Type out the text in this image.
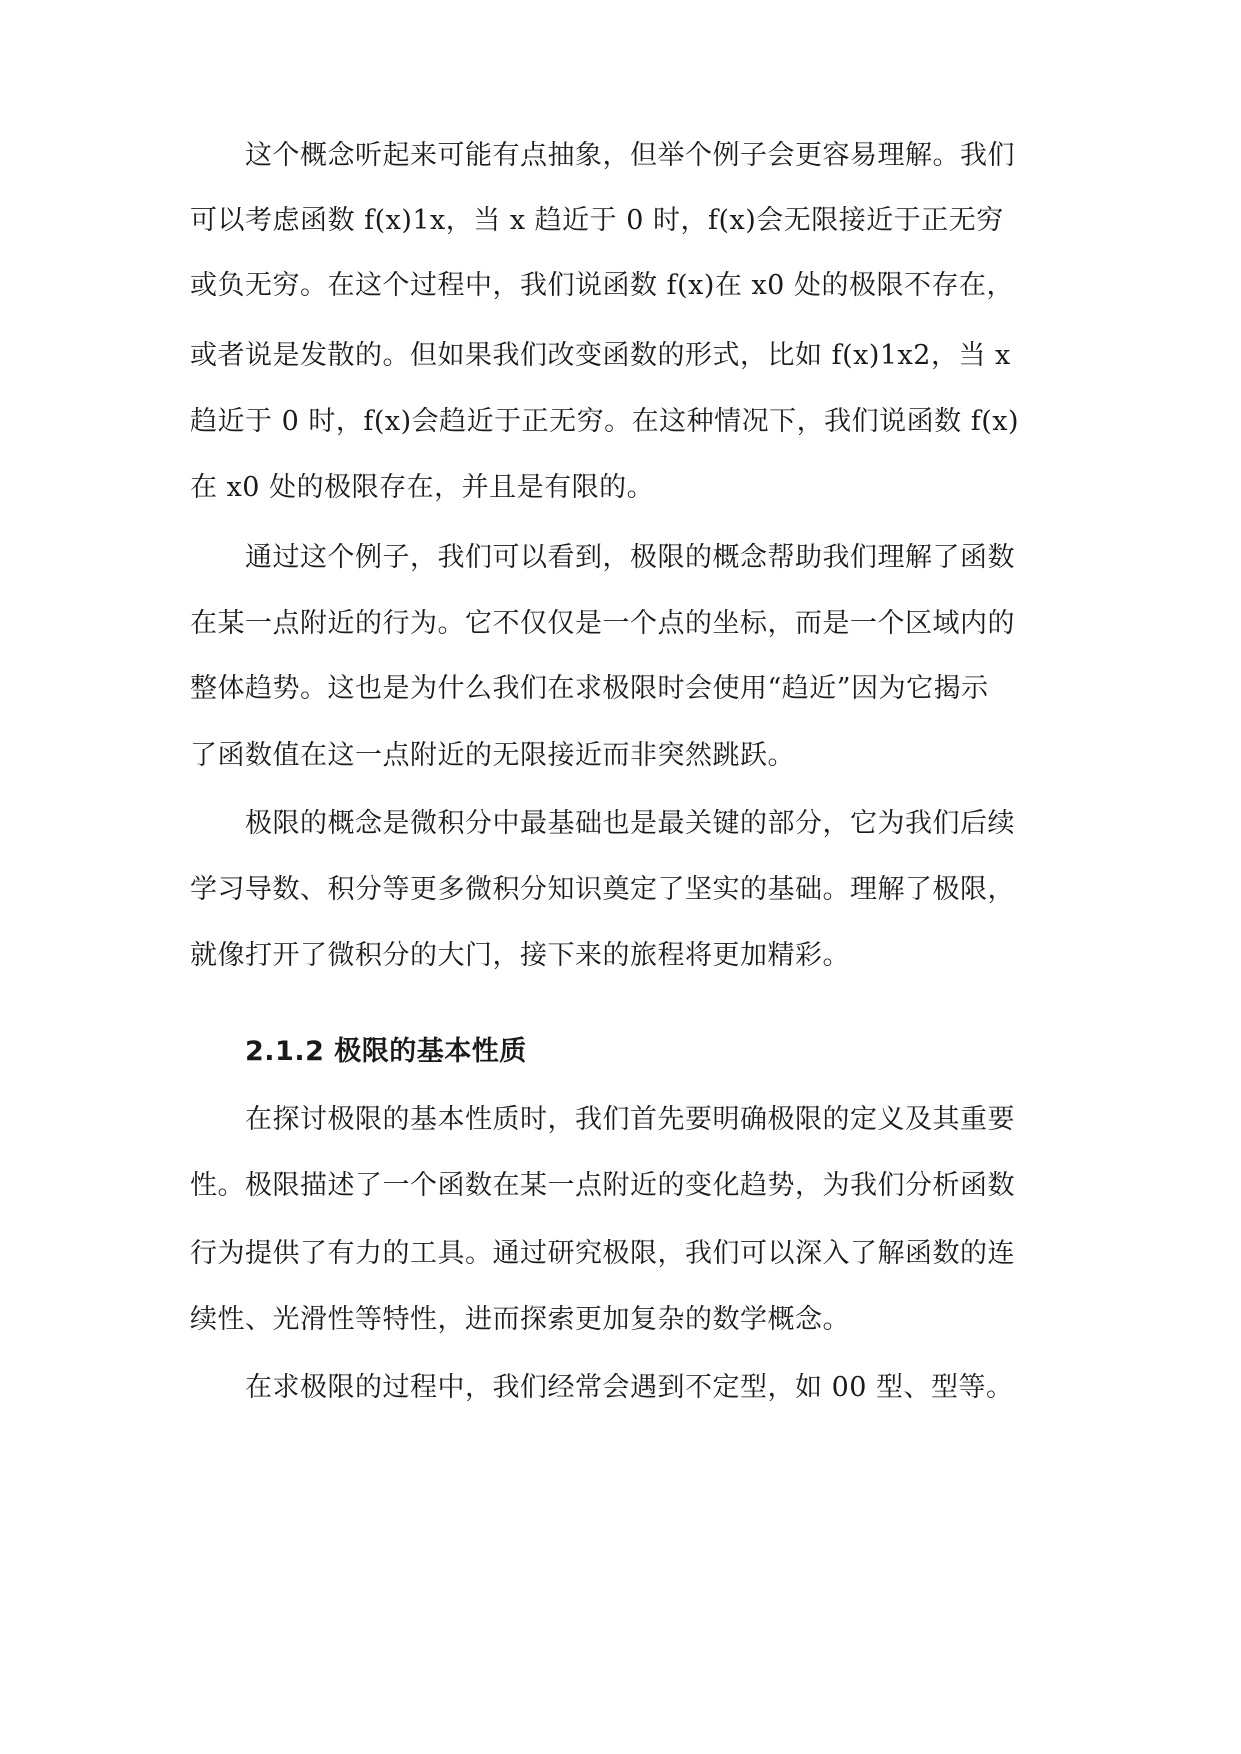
这个概念听起来可能有点抽象，但举个例子会更容易理解。我们
可以考虑函数 f(x)1x，当 x 趋近于 0 时，f(x)会无限接近于正无穷
或负无穷。在这个过程中，我们说函数 f(x)在 x0 处的极限不存在，
或者说是发散的。但如果我们改变函数的形式，比如 f(x)1x2，当 x
趋近于 0 时，f(x)会趋近于正无穷。在这种情况下，我们说函数 f(x)
在 x0 处的极限存在，并且是有限的。
通过这个例子，我们可以看到，极限的概念帮助我们理解了函数
在某一点附近的行为。它不仅仅是一个点的坐标，而是一个区域内的
整体趋势。这也是为什么我们在求极限时会使用“趋近”因为它揭示
了函数值在这一点附近的无限接近而非突然跳跃。
极限的概念是微积分中最基础也是最关键的部分，它为我们后续
学习导数、积分等更多微积分知识奠定了坚实的基础。理解了极限，
就像打开了微积分的大门，接下来的旅程将更加精彩。
2.1.2 极限的基本性质
在探讨极限的基本性质时，我们首先要明确极限的定义及其重要
性。极限描述了一个函数在某一点附近的变化趋势，为我们分析函数
行为提供了有力的工具。通过研究极限，我们可以深入了解函数的连
续性、光滑性等特性，进而探索更加复杂的数学概念。
在求极限的过程中，我们经常会遇到不定型，如 00 型、型等。
